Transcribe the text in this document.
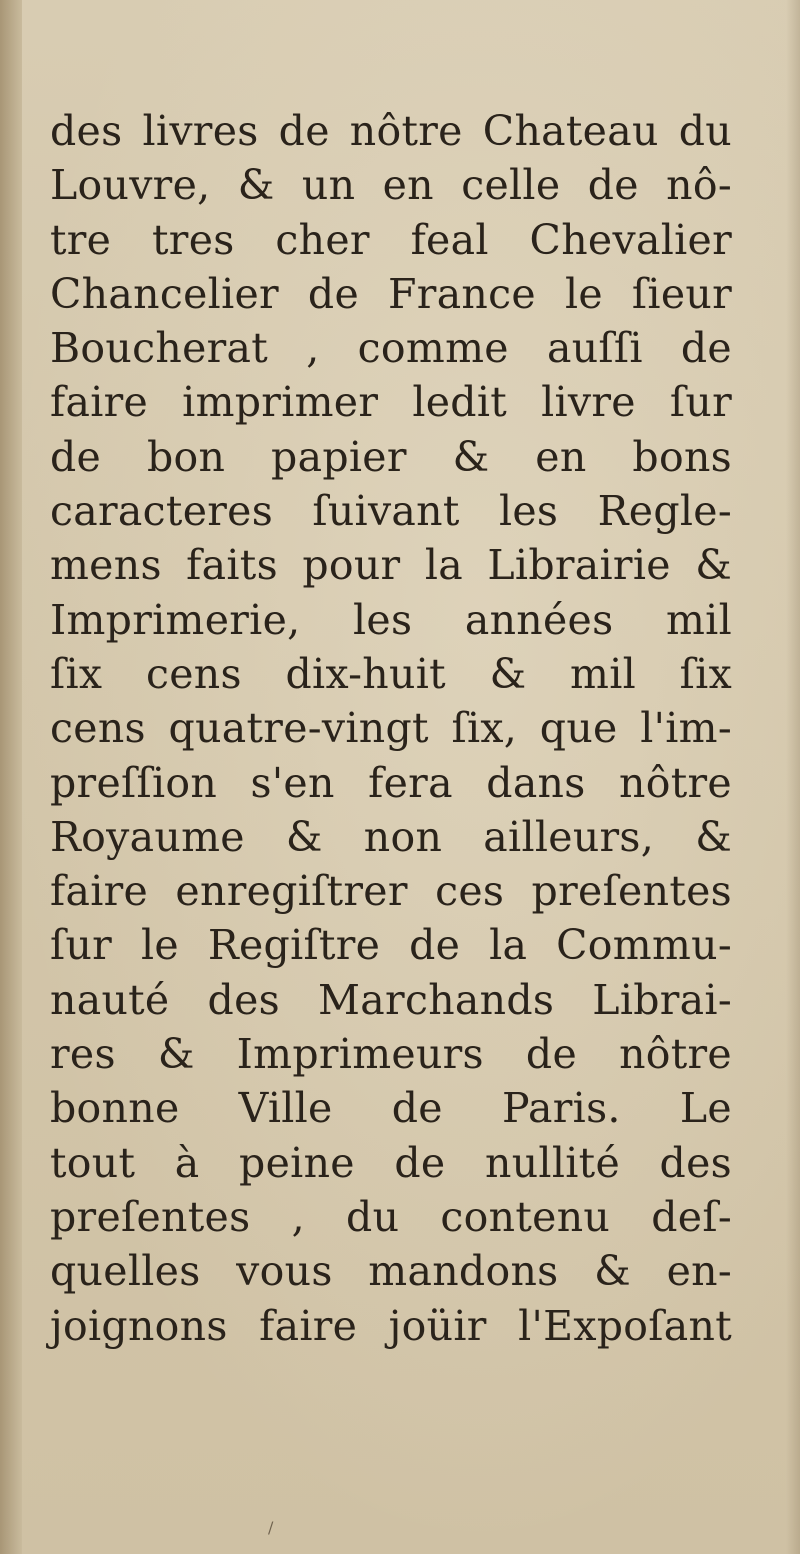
des livres de nôtre Chateau du
Louvre, & un en celle de nô-
tre tres cher feal Chevalier
Chancelier de France le ſieur
Boucherat , comme auſſi de
faire imprimer ledit livre ſur
de bon papier & en bons
caracteres ſuivant les Regle-
mens faits pour la Librairie &
Imprimerie, les années mil
ſix cens dix-huit & mil ſix
cens quatre-vingt ſix, que l'im-
preſſion s'en fera dans nôtre
Royaume & non ailleurs, &
faire enregiſtrer ces preſentes
ſur le Regiſtre de la Commu-
nauté des Marchands Librai-
res & Imprimeurs de nôtre
bonne Ville de Paris. Le
tout à peine de nullité des
preſentes , du contenu deſ-
quelles vous mandons & en-
joignons faire joüir l'Expoſant
/
